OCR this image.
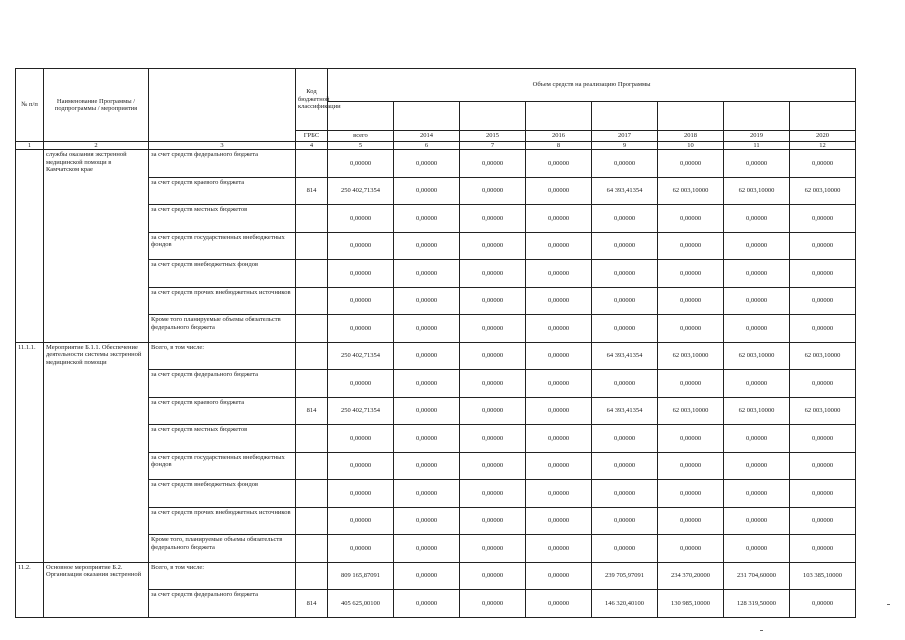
№ п/п	Наименование Программы / подпрограммы / мероприятия		Код бюджетной классификации	Объем средств на реализацию Программы							

			ГРБС	всего	2014	2015	2016	2017	2018	2019	2020
1	2	3	4	5	6	7	8	9	10	11	12
	службы оказания экстренной медицинской помощи в Камчатском крае	за счет средств федерального бюджета		0,00000	0,00000	0,00000	0,00000	0,00000	0,00000	0,00000	0,00000
		за счет средств краевого бюджета	814	250 402,71354	0,00000	0,00000	0,00000	64 393,41354	62 003,10000	62 003,10000	62 003,10000
		за счет средств местных бюджетов		0,00000	0,00000	0,00000	0,00000	0,00000	0,00000	0,00000	0,00000
		за счет средств государственных внебюджетных фондов		0,00000	0,00000	0,00000	0,00000	0,00000	0,00000	0,00000	0,00000
		за счет средств внебюджетных фондов		0,00000	0,00000	0,00000	0,00000	0,00000	0,00000	0,00000	0,00000
		за счет средств прочих внебюджетных источников		0,00000	0,00000	0,00000	0,00000	0,00000	0,00000	0,00000	0,00000
		Кроме того планируемые объемы обязательств федерального бюджета		0,00000	0,00000	0,00000	0,00000	0,00000	0,00000	0,00000	0,00000
11.1.1.	Мероприятие Б.1.1. Обеспечение деятельности системы экстренной медицинской помощи	Всего, в том числе:		250 402,71354	0,00000	0,00000	0,00000	64 393,41354	62 003,10000	62 003,10000	62 003,10000
		за счет средств федерального бюджета		0,00000	0,00000	0,00000	0,00000	0,00000	0,00000	0,00000	0,00000
		за счет средств краевого бюджета	814	250 402,71354	0,00000	0,00000	0,00000	64 393,41354	62 003,10000	62 003,10000	62 003,10000
		за счет средств местных бюджетов		0,00000	0,00000	0,00000	0,00000	0,00000	0,00000	0,00000	0,00000
		за счет средств государственных внебюджетных фондов		0,00000	0,00000	0,00000	0,00000	0,00000	0,00000	0,00000	0,00000
		за счет средств внебюджетных фондов		0,00000	0,00000	0,00000	0,00000	0,00000	0,00000	0,00000	0,00000
		за счет средств прочих внебюджетных источников		0,00000	0,00000	0,00000	0,00000	0,00000	0,00000	0,00000	0,00000
		Кроме того, планируемые объемы обязательств федерального бюджета		0,00000	0,00000	0,00000	0,00000	0,00000	0,00000	0,00000	0,00000
11.2.	Основное мероприятие Б.2. Организация оказания экстренной	Всего, в том числе:		809 165,87091	0,00000	0,00000	0,00000	239 705,97091	234 370,20000	231 704,60000	103 385,10000
		за счет средств федерального бюджета	814	405 625,00100	0,00000	0,00000	0,00000	146 320,40100	130 985,10000	128 319,50000	0,00000
